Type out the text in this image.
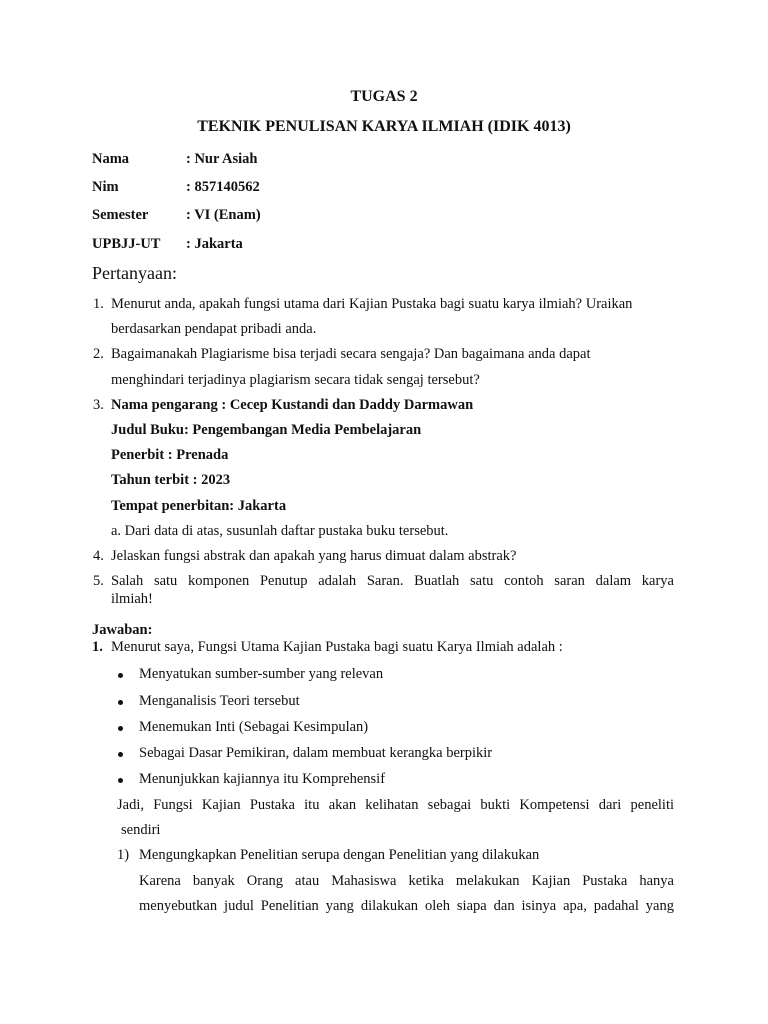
TUGAS 2
TEKNIK PENULISAN KARYA ILMIAH (IDIK 4013)
Nama	: Nur Asiah
Nim	: 857140562
Semester	: VI (Enam)
UPBJJ-UT : Jakarta
Pertanyaan:
1. Menurut anda, apakah fungsi utama dari Kajian Pustaka bagi suatu karya ilmiah? Uraikan
berdasarkan pendapat pribadi anda.
2. Bagaimanakah Plagiarisme bisa terjadi secara sengaja? Dan bagaimana anda dapat
menghindari terjadinya plagiarism secara tidak sengaj tersebut?
3. Nama pengarang : Cecep Kustandi dan Daddy Darmawan
Judul Buku: Pengembangan Media Pembelajaran
Penerbit : Prenada
Tahun terbit : 2023
Tempat penerbitan: Jakarta
a. Dari data di atas, susunlah daftar pustaka buku tersebut.
4. Jelaskan fungsi abstrak dan apakah yang harus dimuat dalam abstrak?
5. Salah satu komponen Penutup adalah Saran. Buatlah satu contoh saran dalam karya
ilmiah!
Jawaban:
1. Menurut saya, Fungsi Utama Kajian Pustaka bagi suatu Karya Ilmiah adalah :
Menyatukan sumber-sumber yang relevan
Menganalisis Teori tersebut
Menemukan Inti (Sebagai Kesimpulan)
Sebagai Dasar Pemikiran, dalam membuat kerangka berpikir
Menunjukkan kajiannya itu Komprehensif
Jadi, Fungsi Kajian Pustaka itu akan kelihatan sebagai bukti Kompetensi dari peneliti
sendiri
1) Mengungkapkan Penelitian serupa dengan Penelitian yang dilakukan
Karena banyak Orang atau Mahasiswa ketika melakukan Kajian Pustaka hanya
menyebutkan judul Penelitian yang dilakukan oleh siapa dan isinya apa, padahal yang
